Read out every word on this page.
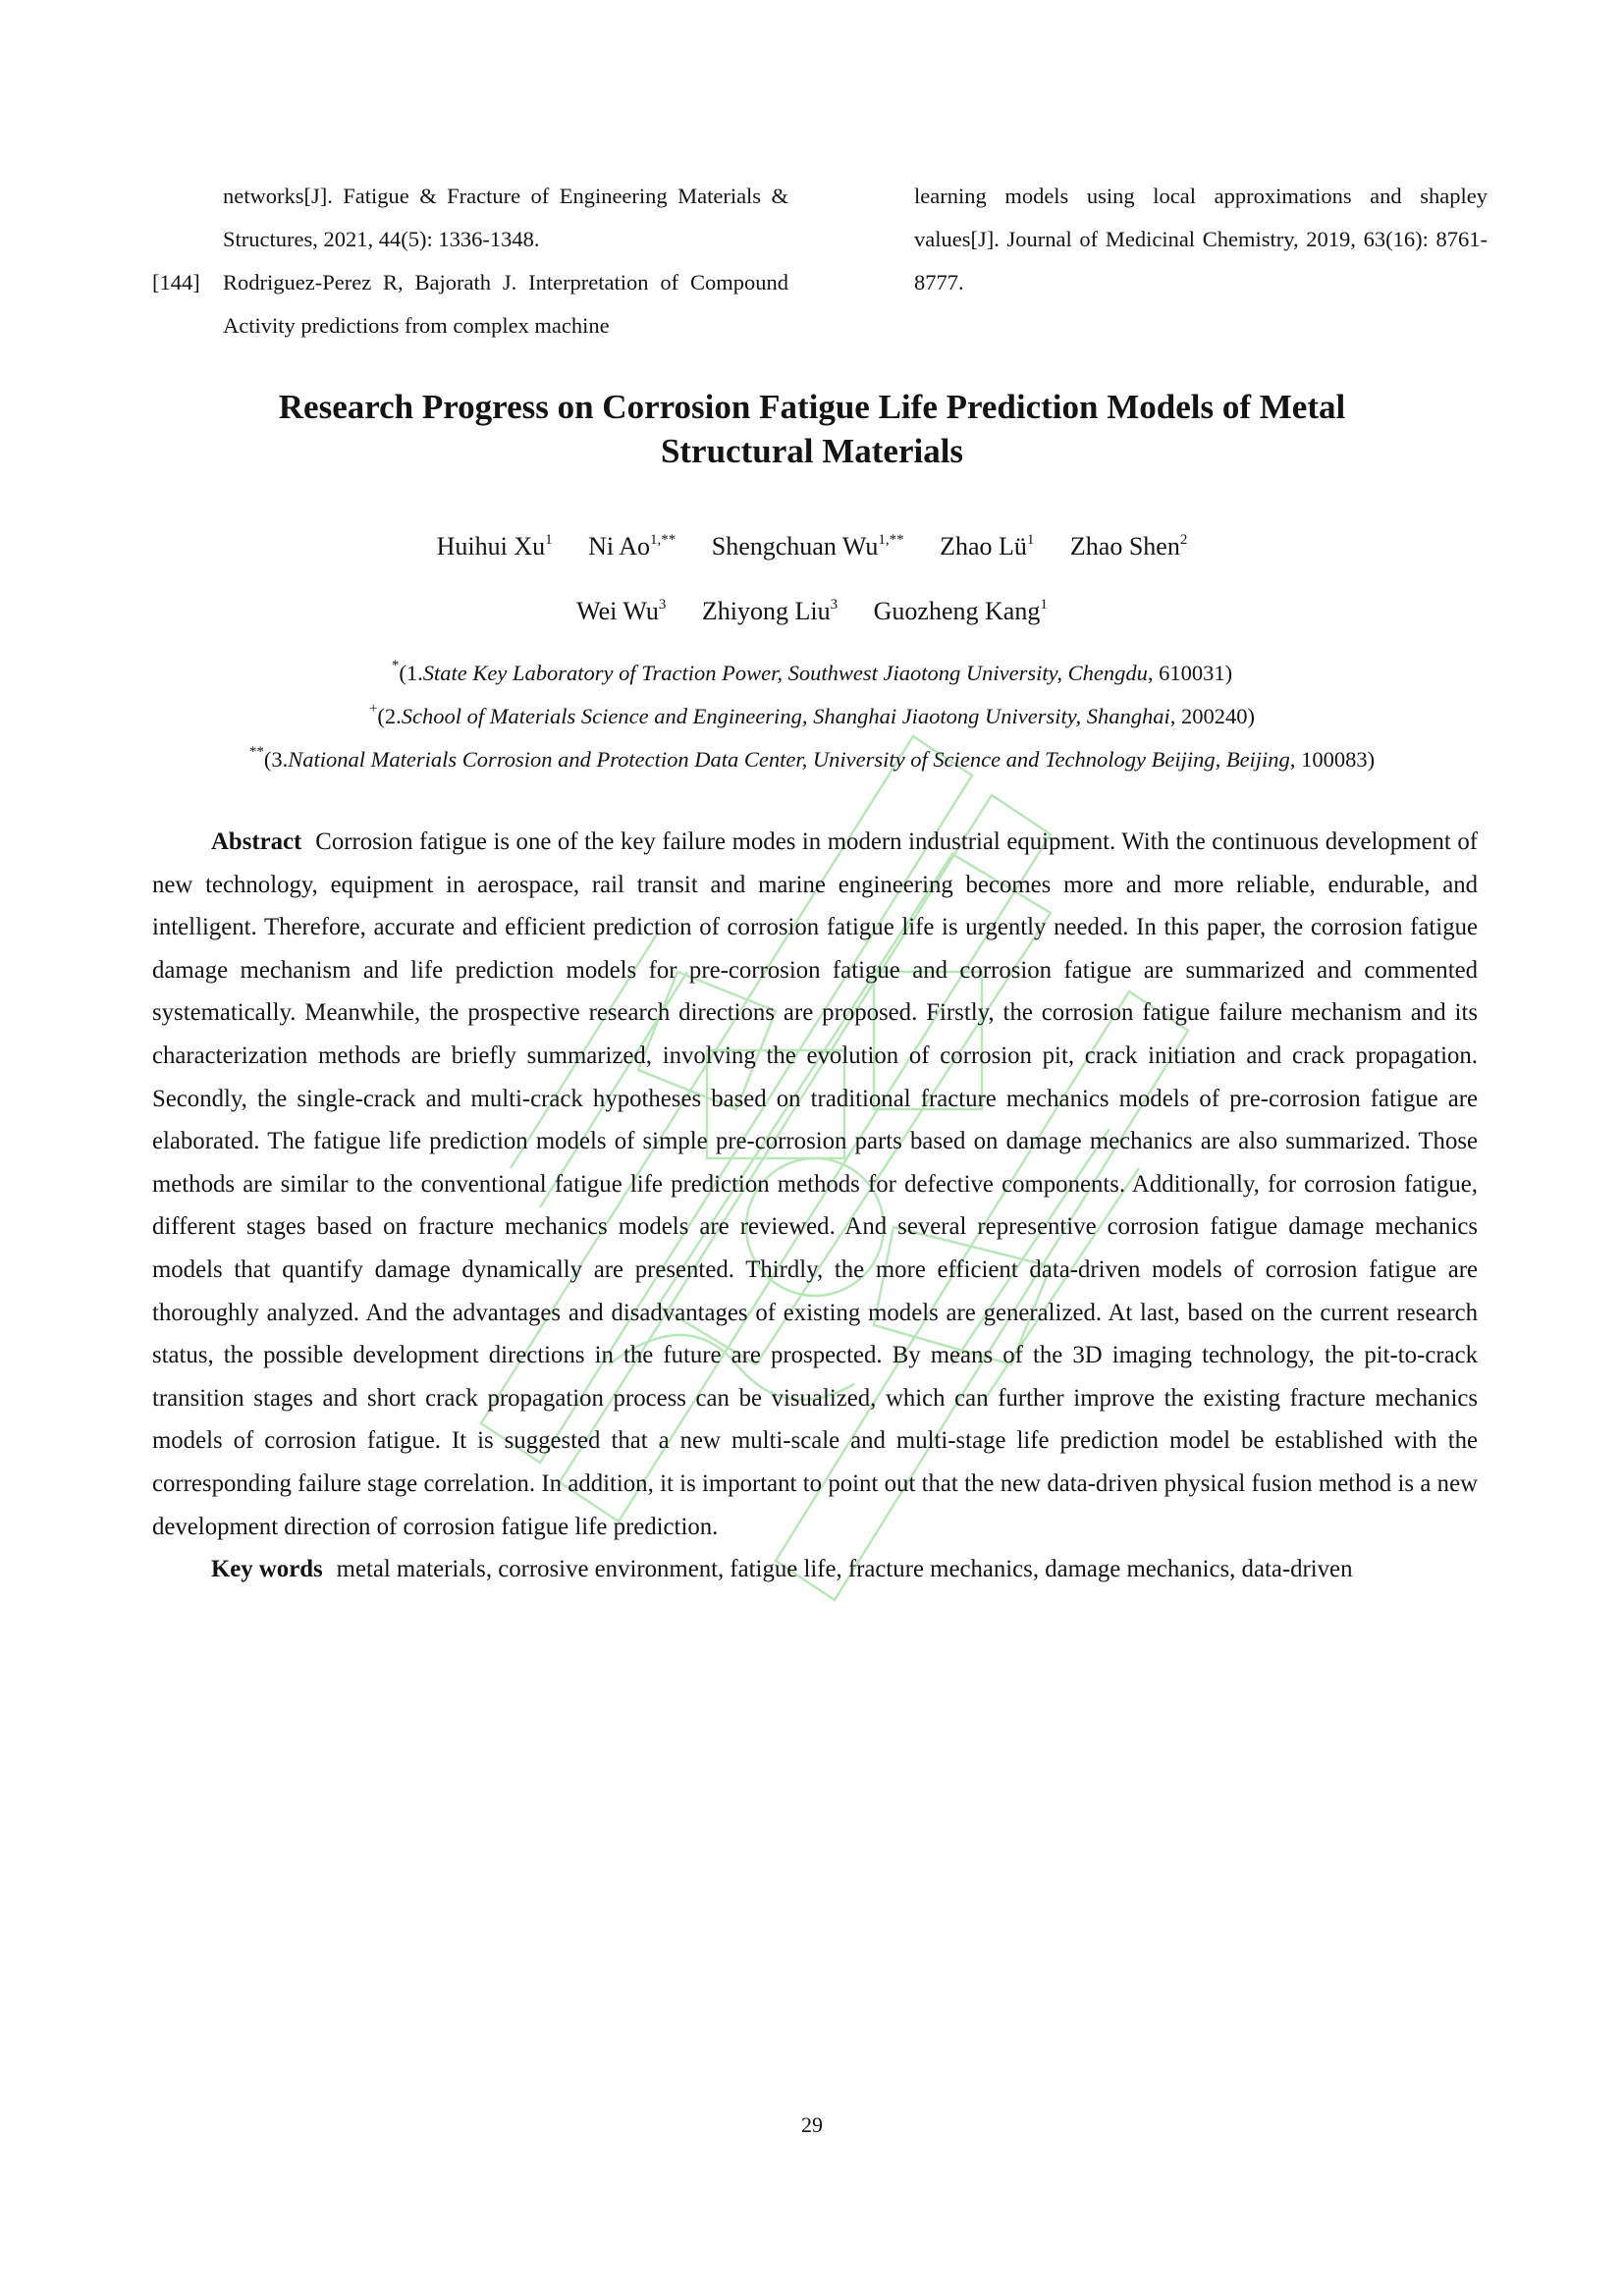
networks[J]. Fatigue & Fracture of Engineering Materials & Structures, 2021, 44(5): 1336-1348.
[144]	Rodriguez-Perez R, Bajorath J. Interpretation of Compound Activity predictions from complex machine
learning models using local approximations and shapley values[J]. Journal of Medicinal Chemistry, 2019, 63(16): 8761-8777.
Research Progress on Corrosion Fatigue Life Prediction Models of Metal
Structural Materials
Huihui Xu$^1$ Ni $Ao^{1,**}$ Shengchuan $Wu^{1,**}$ Zhao $Lü^1$ Zhao Shen$^2$
Wei Wu$^3$ Zhiyong Liu$^3$ Guozheng Kang$^1$
*(1.State Key Laboratory of Traction Power, Southwest Jiaotong University, Chengdu, 610031)
+(2.School of Materials Science and Engineering, Shanghai Jiaotong University, Shanghai, 200240)
**(3.National Materials Corrosion and Protection Data Center, University of Science and Technology Beijing, Beijing, 100083)

Abstract Corrosion fatigue is one of the key failure modes in modern industrial equipment. With the continuous development of new technology, equipment in aerospace, rail transit and marine engineering becomes more and more reliable, endurable, and intelligent. Therefore, accurate and efficient prediction of corrosion fatigue life is urgently needed. In this paper, the corrosion fatigue damage mechanism and life prediction models for pre-corrosion fatigue and corrosion fatigue are summarized and commented systematically. Meanwhile, the prospective research directions are proposed. Firstly, the corrosion fatigue failure mechanism and its characterization methods are briefly summarized, involving the evolution of corrosion pit, crack initiation and crack propagation. Secondly, the single-crack and multi-crack hypotheses based on traditional fracture mechanics models of pre-corrosion fatigue are elaborated. The fatigue life prediction models of simple pre-corrosion parts based on damage mechanics are also summarized. Those methods are similar to the conventional fatigue life prediction methods for defective components. Additionally, for corrosion fatigue, different stages based on fracture mechanics models are reviewed. And several representive corrosion fatigue damage mechanics models that quantify damage dynamically are presented. Thirdly, the more efficient data-driven models of corrosion fatigue are thoroughly analyzed. And the advantages and disadvantages of existing models are generalized. At last, based on the current research status, the possible development directions in the future are prospected. By means of the 3D imaging technology, the pit-to-crack transition stages and short crack propagation process can be visualized, which can further improve the existing fracture mechanics models of corrosion fatigue. It is suggested that a new multi-scale and multi-stage life prediction model be established with the corresponding failure stage correlation. In addition, it is important to point out that the new data-driven physical fusion method is a new development direction of corrosion fatigue life prediction.

Key words metal materials, corrosive environment, fatigue life, fracture mechanics, damage mechanics, data-driven

29
